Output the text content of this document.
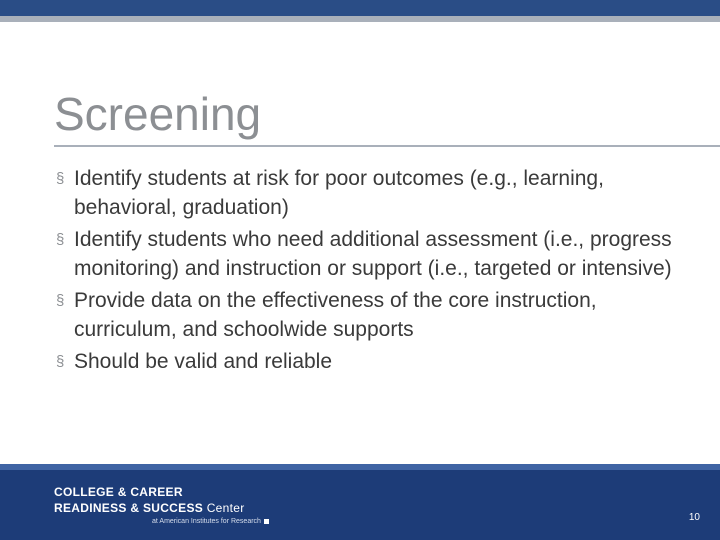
Screening
§ Identify students at risk for poor outcomes (e.g., learning, behavioral, graduation)
§ Identify students who need additional assessment (i.e., progress monitoring) and instruction or support (i.e., targeted or intensive)
§ Provide data on the effectiveness of the core instruction, curriculum, and schoolwide supports
§ Should be valid and reliable
COLLEGE & CAREER
READINESS & SUCCESS Center
at American Institutes for Research	10
